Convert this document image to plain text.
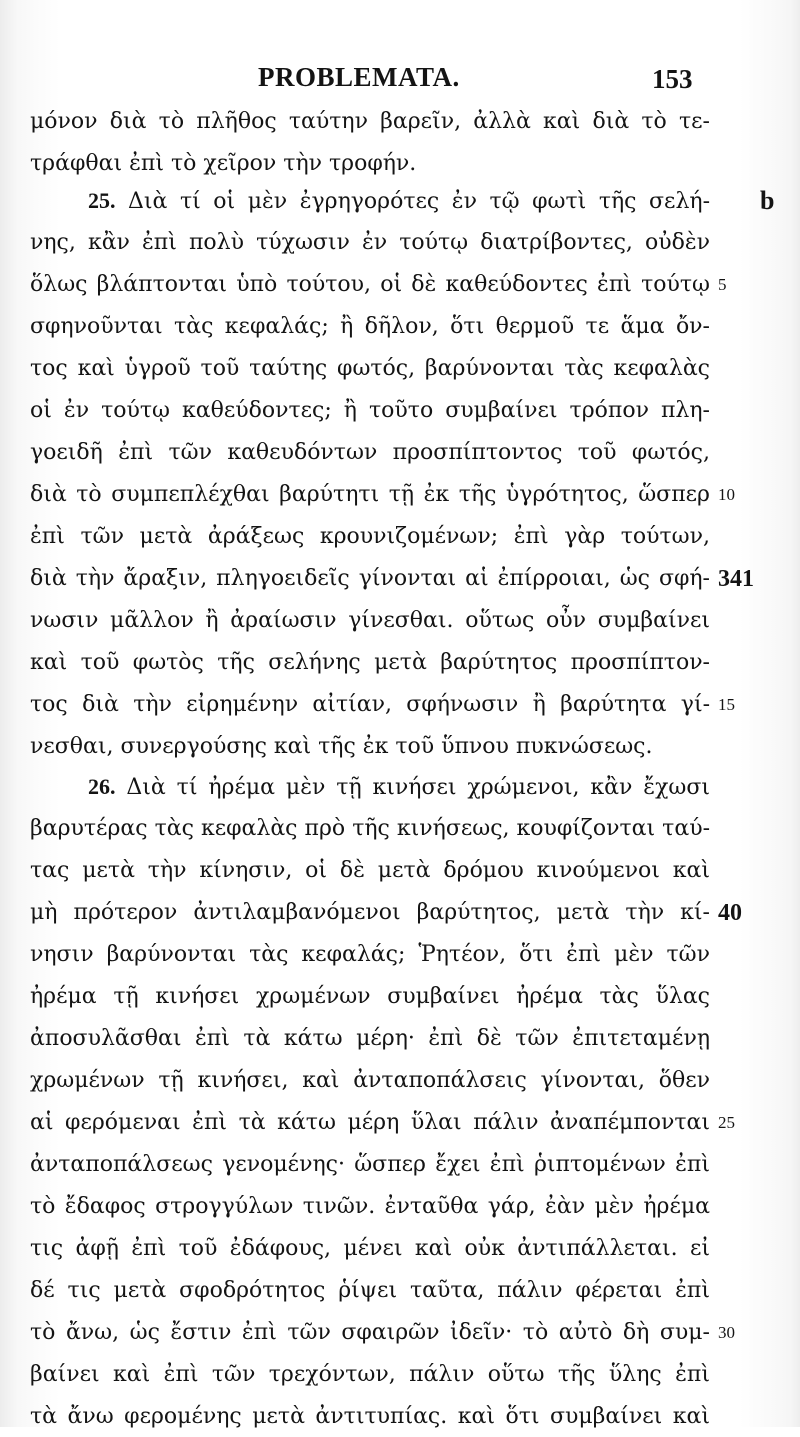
PROBLEMATA.	153
μόνον διὰ τὸ πλῆθος ταύτην βαρεῖν, ἀλλὰ καὶ διὰ τὸ τε-
τράφθαι ἐπὶ τὸ χεῖρον τὴν τροφήν.
25. Διὰ τί οἱ μὲν ἐγρηγορότες ἐν τῷ φωτὶ τῆς σελή-
νης, κἂν ἐπὶ πολὺ τύχωσιν ἐν τούτῳ διατρίβοντες, οὐδὲν
ὅλως βλάπτονται ὑπὸ τούτου, οἱ δὲ καθεύδοντες ἐπὶ τούτῳ
σφηνοῦνται τὰς κεφαλάς; ἢ δῆλον, ὅτι θερμοῦ τε ἅμα ὄν-
τος καὶ ὑγροῦ τοῦ ταύτης φωτός, βαρύνονται τὰς κεφαλὰς
οἱ ἐν τούτῳ καθεύδοντες; ἢ τοῦτο συμβαίνει τρόπον πλη-
γοειδῆ ἐπὶ τῶν καθευδόντων προσπίπτοντος τοῦ φωτός,
διὰ τὸ συμπεπλέχθαι βαρύτητι τῇ ἐκ τῆς ὑγρότητος, ὥσπερ
ἐπὶ τῶν μετὰ ἀράξεως κρουνιζομένων; ἐπὶ γὰρ τούτων,
διὰ τὴν ἄραξιν, πληγοειδεῖς γίνονται αἱ ἐπίρροιαι, ὡς σφή-
νωσιν μᾶλλον ἢ ἀραίωσιν γίνεσθαι. οὕτως οὖν συμβαίνει
καὶ τοῦ φωτὸς τῆς σελήνης μετὰ βαρύτητος προσπίπτον-
τος διὰ τὴν εἰρημένην αἰτίαν, σφήνωσιν ἢ βαρύτητα γί-
νεσθαι, συνεργούσης καὶ τῆς ἐκ τοῦ ὕπνου πυκνώσεως.
26. Διὰ τί ἠρέμα μὲν τῇ κινήσει χρώμενοι, κἂν ἔχωσι
βαρυτέρας τὰς κεφαλὰς πρὸ τῆς κινήσεως, κουφίζονται ταύ-
τας μετὰ τὴν κίνησιν, οἱ δὲ μετὰ δρόμου κινούμενοι καὶ
μὴ πρότερον ἀντιλαμβανόμενοι βαρύτητος, μετὰ τὴν κί-
νησιν βαρύνονται τὰς κεφαλάς; Ῥητέον, ὅτι ἐπὶ μὲν τῶν
ἠρέμα τῇ κινήσει χρωμένων συμβαίνει ἠρέμα τὰς ὕλας
ἀποσυλᾶσθαι ἐπὶ τὰ κάτω μέρη· ἐπὶ δὲ τῶν ἐπιτεταμένῃ
χρωμένων τῇ κινήσει, καὶ ἀνταποπάλσεις γίνονται, ὅθεν
αἱ φερόμεναι ἐπὶ τὰ κάτω μέρη ὕλαι πάλιν ἀναπέμπονται
ἀνταποπάλσεως γενομένης· ὥσπερ ἔχει ἐπὶ ῥιπτομένων ἐπὶ
τὸ ἔδαφος στρογγύλων τινῶν. ἐνταῦθα γάρ, ἐὰν μὲν ἠρέμα
τις ἀφῇ ἐπὶ τοῦ ἐδάφους, μένει καὶ οὐκ ἀντιπάλλεται. εἰ
δέ τις μετὰ σφοδρότητος ῥίψει ταῦτα, πάλιν φέρεται ἐπὶ
τὸ ἄνω, ὡς ἔστιν ἐπὶ τῶν σφαιρῶν ἰδεῖν· τὸ αὐτὸ δὴ συμ-
βαίνει καὶ ἐπὶ τῶν τρεχόντων, πάλιν οὕτω τῆς ὕλης ἐπὶ
b
5
10
341
15
40
25
30
τὰ ἄνω φερομένης μετὰ ἀντιτυπίας. καὶ ὅτι συμβαίνει καὶ
